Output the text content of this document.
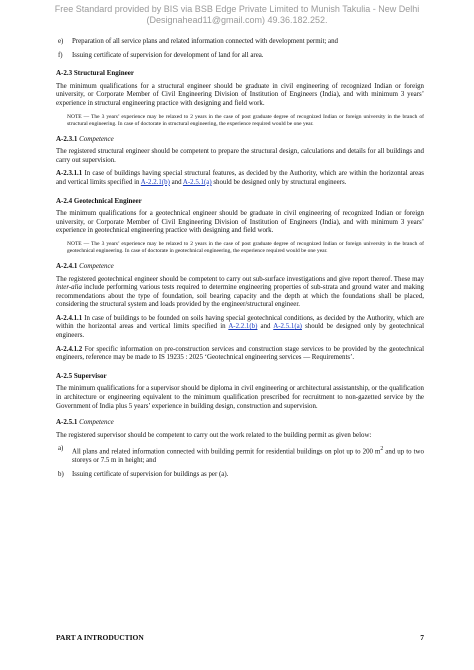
Free Standard provided by BIS via BSB Edge Private Limited to Munish Takulia - New Delhi
(Designahead11@gmail.com) 49.36.182.252.
e) Preparation of all service plans and related information connected with development permit; and
f) Issuing certificate of supervision for development of land for all area.
A-2.3 Structural Engineer

The minimum qualifications for a structural engineer should be graduate in civil engineering of recognized Indian or foreign university, or Corporate Member of Civil Engineering Division of Institution of Engineers (India), and with minimum 3 years’ experience in structural engineering practice with designing and field work.

NOTE — The 3 years’ experience may be relaxed to 2 years in the case of post graduate degree of recognized Indian or foreign university in the branch of structural engineering. In case of doctorate in structural engineering, the experience required would be one year.
A-2.3.1 Competence

The registered structural engineer should be competent to prepare the structural design, calculations and details for all buildings and carry out supervision.

A-2.3.1.1 In case of buildings having special structural features, as decided by the Authority, which are within the horizontal areas and vertical limits specified in A-2.2.1(b) and A-2.5.1(a) should be designed only by structural engineers.

A-2.4 Geotechnical Engineer

The minimum qualifications for a geotechnical engineer should be graduate in civil engineering of recognized Indian or foreign university, or Corporate Member of Civil Engineering Division of Institution of Engineers (India), and with minimum 3 years’ experience in geotechnical engineering practice with designing and field work.

NOTE — The 3 years’ experience may be relaxed to 2 years in the case of post graduate degree of recognized Indian or foreign university in the branch of geotechnical engineering. In case of doctorate in geotechnical engineering, the experience required would be one year.
A-2.4.1 Competence

The registered geotechnical engineer should be competent to carry out sub-surface investigations and give report thereof. These may inter-alia include performing various tests required to determine engineering properties of sub-strata and ground water and making recommendations about the type of foundation, soil bearing capacity and the depth at which the foundations shall be placed, considering the structural system and loads provided by the engineer/structural engineer.

A-2.4.1.1 In case of buildings to be founded on soils having special geotechnical conditions, as decided by the Authority, which are within the horizontal areas and vertical limits specified in A-2.2.1(b) and A-2.5.1(a) should be designed only by geotechnical engineers.

A-2.4.1.2 For specific information on pre-construction services and construction stage services to be provided by the geotechnical engineers, reference may be made to IS 19235 : 2025 ‘Geotechnical engineering services — Requirements’.

A-2.5 Supervisor

The minimum qualifications for a supervisor should be diploma in civil engineering or architectural assistantship, or the qualification in architecture or engineering equivalent to the minimum qualification prescribed for recruitment to non-gazetted service by the Government of India plus 5 years’ experience in building design, construction and supervision.

A-2.5.1 Competence

The registered supervisor should be competent to carry out the work related to the building permit as given below:

a) All plans and related information connected with building permit for residential buildings on plot up to 200 $m^2$ and up to two storeys or 7.5 m in height; and
b) Issuing certificate of supervision for buildings as per (a).
PART A INTRODUCTION	7
